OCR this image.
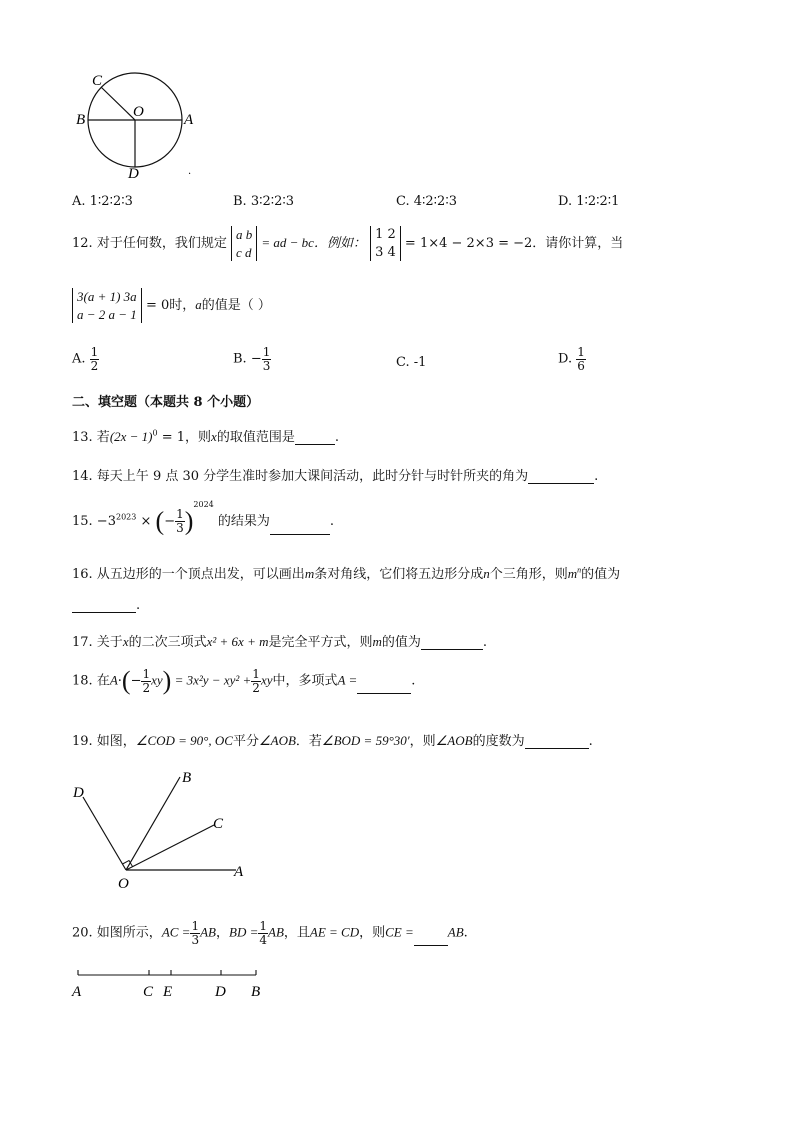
C
O
B	A
D	.
A. 1∶2∶2∶3	B. 3∶2∶2∶3	C. 4∶2∶2∶3	D. 1∶2∶2∶1
12. 对于任何数，我们规定
a b
c d
= ad − bc．例如：
1 2
3 4
= 1×4 − 2×3 = −2．请你计算，当
3(a + 1) 3a
a − 2 a − 1
= 0时，a的值是（ ）
A. $\frac{1}{2}$	B. − $\frac{1}{3}$	C. -1	D. $\frac{1}{6}$
二、填空题（本题共 8 个小题）
13. 若$(2x - 1)^0 = 1$，则x的取值范围是	.
14. 每天上午 9 点 30 分学生准时参加大课间活动，此时分针与时针所夹的角为	.
15. $-3^{2023}$ × (− $\frac{1}{3} )^{2024}$ 的结果为	.
16. 从五边形的一个顶点出发，可以画出m条对角线，它们将五边形分成n个三角形，则$m^n$的值为
.
17. 关于x的二次三项式x² + 6x + m是完全平方式，则m的值为	.
18. 在$A\cdot(- \frac{1}{2} xy) = 3x^2y - xy^2 + \frac{1}{2}$ xy中，多项式A =	.
19. 如图，∠COD = 90°, OC平分∠AOB．若∠BOD = 59°30′，则∠AOB的度数为	.
D
B
C
O
A
20. 如图所示，AC = $\frac{1}{3}$ AB，BD = $\frac{1}{4}$ AB，且AE = CD，则CE =	AB.
A	C E	D B
